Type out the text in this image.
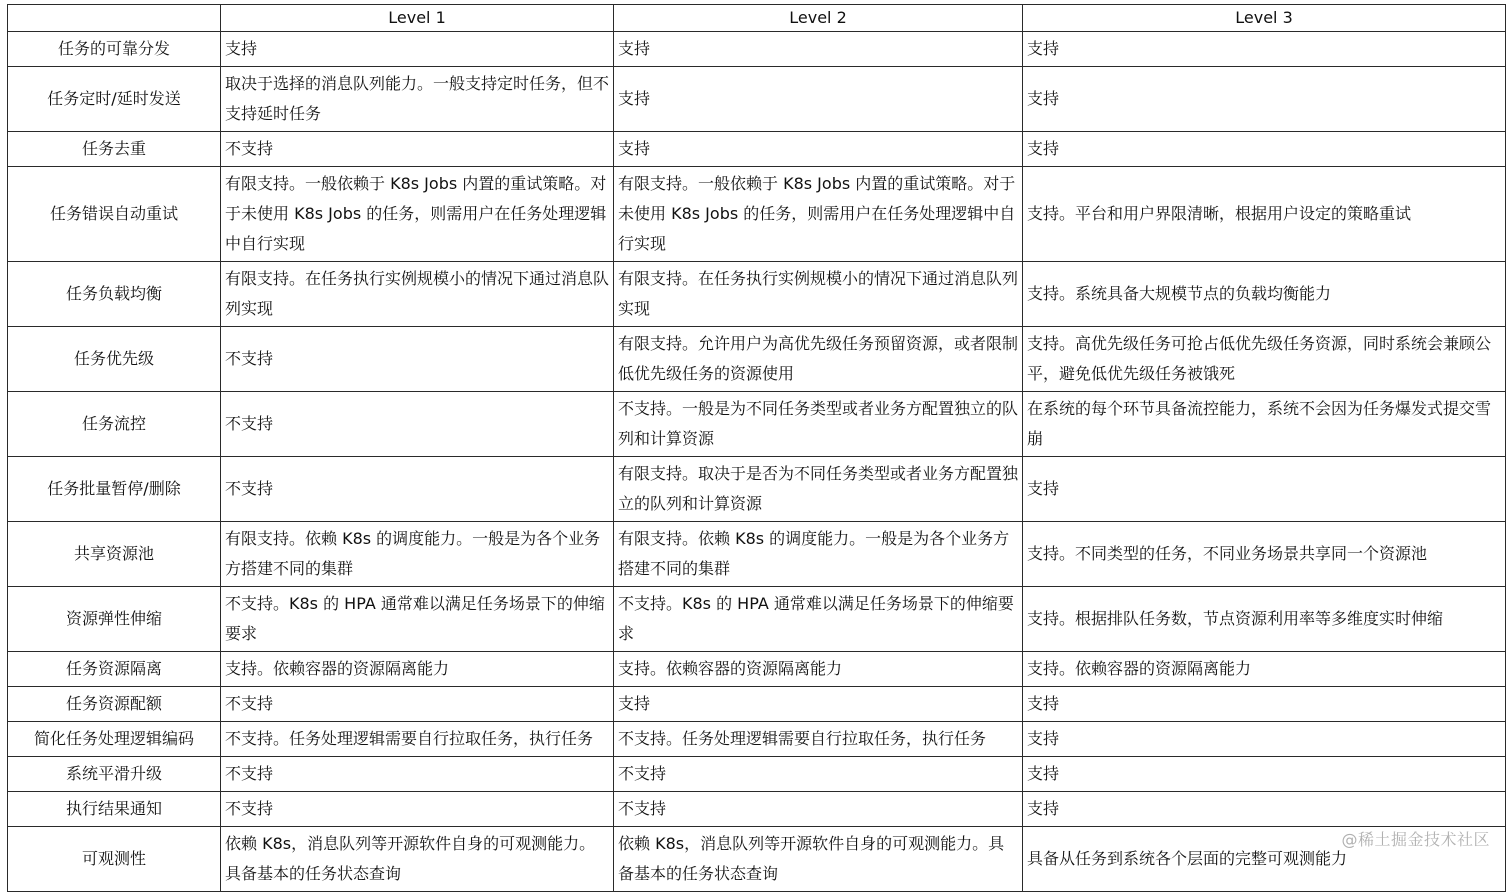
	Level 1	Level 2	Level 3
任务的可靠分发	支持	支持	支持
任务定时/延时发送	取决于选择的消息队列能力。一般支持定时任务，但不支持延时任务	支持	支持
任务去重	不支持	支持	支持
任务错误自动重试	有限支持。一般依赖于 K8s Jobs 内置的重试策略。对于未使用 K8s Jobs 的任务，则需用户在任务处理逻辑中自行实现	有限支持。一般依赖于 K8s Jobs 内置的重试策略。对于未使用 K8s Jobs 的任务，则需用户在任务处理逻辑中自行实现	支持。平台和用户界限清晰，根据用户设定的策略重试
任务负载均衡	有限支持。在任务执行实例规模小的情况下通过消息队列实现	有限支持。在任务执行实例规模小的情况下通过消息队列实现	支持。系统具备大规模节点的负载均衡能力
任务优先级	不支持	有限支持。允许用户为高优先级任务预留资源，或者限制低优先级任务的资源使用	支持。高优先级任务可抢占低优先级任务资源，同时系统会兼顾公平，避免低优先级任务被饿死
任务流控	不支持	不支持。一般是为不同任务类型或者业务方配置独立的队列和计算资源	在系统的每个环节具备流控能力，系统不会因为任务爆发式提交雪崩
任务批量暂停/删除	不支持	有限支持。取决于是否为不同任务类型或者业务方配置独立的队列和计算资源	支持
共享资源池	有限支持。依赖 K8s 的调度能力。一般是为各个业务方搭建不同的集群	有限支持。依赖 K8s 的调度能力。一般是为各个业务方搭建不同的集群	支持。不同类型的任务，不同业务场景共享同一个资源池
资源弹性伸缩	不支持。K8s 的 HPA 通常难以满足任务场景下的伸缩要求	不支持。K8s 的 HPA 通常难以满足任务场景下的伸缩要求	支持。根据排队任务数，节点资源利用率等多维度实时伸缩
任务资源隔离	支持。依赖容器的资源隔离能力	支持。依赖容器的资源隔离能力	支持。依赖容器的资源隔离能力
任务资源配额	不支持	支持	支持
简化任务处理逻辑编码	不支持。任务处理逻辑需要自行拉取任务，执行任务	不支持。任务处理逻辑需要自行拉取任务，执行任务	支持
系统平滑升级	不支持	不支持	支持
执行结果通知	不支持	不支持	支持
可观测性	依赖 K8s，消息队列等开源软件自身的可观测能力。具备基本的任务状态查询	依赖 K8s，消息队列等开源软件自身的可观测能力。具备基本的任务状态查询	具备从任务到系统各个层面的完整可观测能力
@稀土掘金技术社区
